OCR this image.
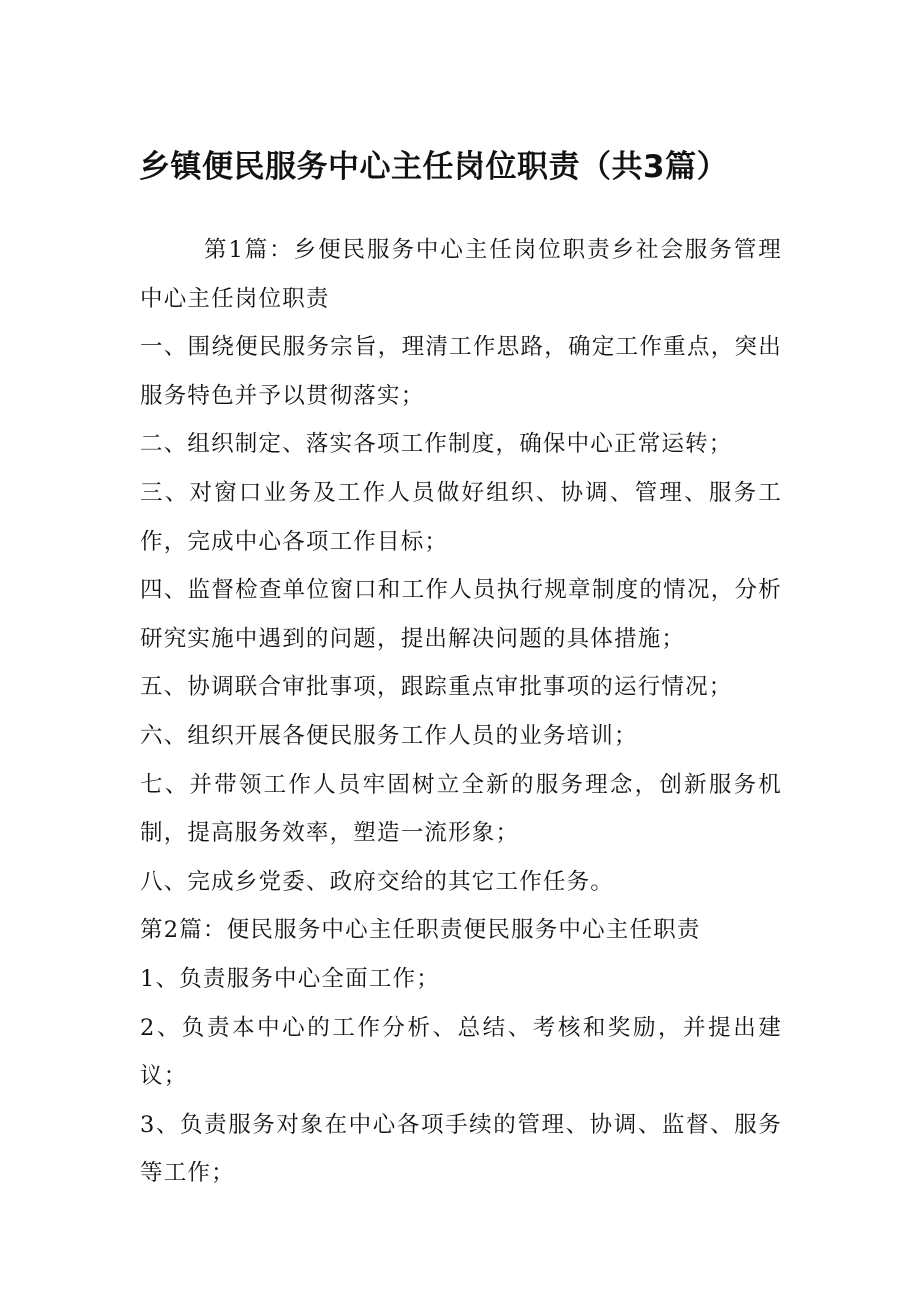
乡镇便民服务中心主任岗位职责（共3篇）

第1篇：乡便民服务中心主任岗位职责乡社会服务管理中心主任岗位职责

一、围绕便民服务宗旨，理清工作思路，确定工作重点，突出服务特色并予以贯彻落实；

二、组织制定、落实各项工作制度，确保中心正常运转；

三、对窗口业务及工作人员做好组织、协调、管理、服务工作，完成中心各项工作目标；

四、监督检查单位窗口和工作人员执行规章制度的情况，分析研究实施中遇到的问题，提出解决问题的具体措施；

五、协调联合审批事项，跟踪重点审批事项的运行情况；

六、组织开展各便民服务工作人员的业务培训；

七、并带领工作人员牢固树立全新的服务理念，创新服务机制，提高服务效率，塑造一流形象；

八、完成乡党委、政府交给的其它工作任务。

第2篇：便民服务中心主任职责便民服务中心主任职责

1、负责服务中心全面工作；

2、负责本中心的工作分析、总结、考核和奖励，并提出建议；

3、负责服务对象在中心各项手续的管理、协调、监督、服务等工作；
